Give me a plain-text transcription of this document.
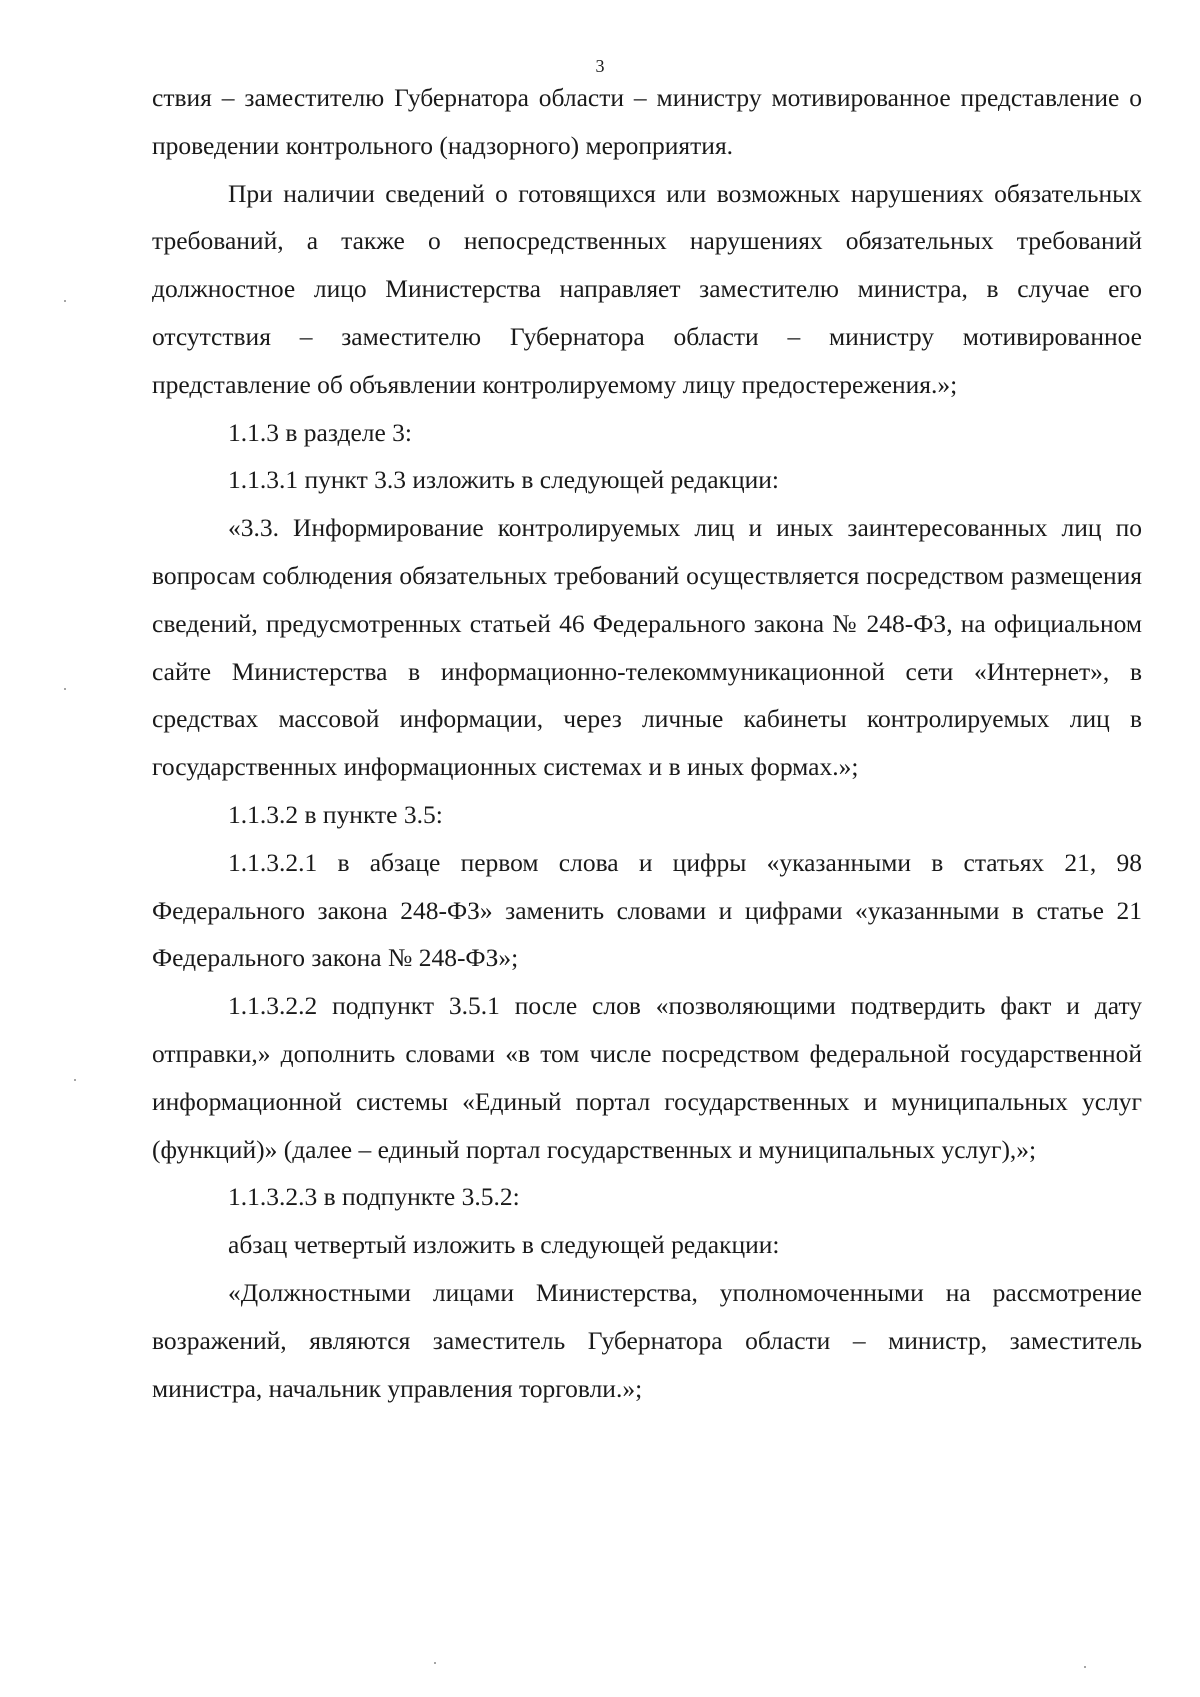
3

ствия – заместителю Губернатора области – министру мотивированное представление о проведении контрольного (надзорного) мероприятия.

При наличии сведений о готовящихся или возможных нарушениях обязательных требований, а также о непосредственных нарушениях обязательных требований должностное лицо Министерства направляет заместителю министра, в случае его отсутствия – заместителю Губернатора области – министру мотивированное представление об объявлении контролируемому лицу предостережения.»;

1.1.3 в разделе 3:

1.1.3.1 пункт 3.3 изложить в следующей редакции:

«3.3. Информирование контролируемых лиц и иных заинтересованных лиц по вопросам соблюдения обязательных требований осуществляется посредством размещения сведений, предусмотренных статьей 46 Федерального закона № 248-ФЗ, на официальном сайте Министерства в информационно-телекоммуникационной сети «Интернет», в средствах массовой информации, через личные кабинеты контролируемых лиц в государственных информационных системах и в иных формах.»;

1.1.3.2 в пункте 3.5:

1.1.3.2.1 в абзаце первом слова и цифры «указанными в статьях 21, 98 Федерального закона 248-ФЗ» заменить словами и цифрами «указанными в статье 21 Федерального закона № 248-ФЗ»;

1.1.3.2.2 подпункт 3.5.1 после слов «позволяющими подтвердить факт и дату отправки,» дополнить словами «в том числе посредством федеральной государственной информационной системы «Единый портал государственных и муниципальных услуг (функций)» (далее – единый портал государственных и муниципальных услуг),»;

1.1.3.2.3 в подпункте 3.5.2:

абзац четвертый изложить в следующей редакции:

«Должностными лицами Министерства, уполномоченными на рассмотрение возражений, являются заместитель Губернатора области – министр, заместитель министра, начальник управления торговли.»;
